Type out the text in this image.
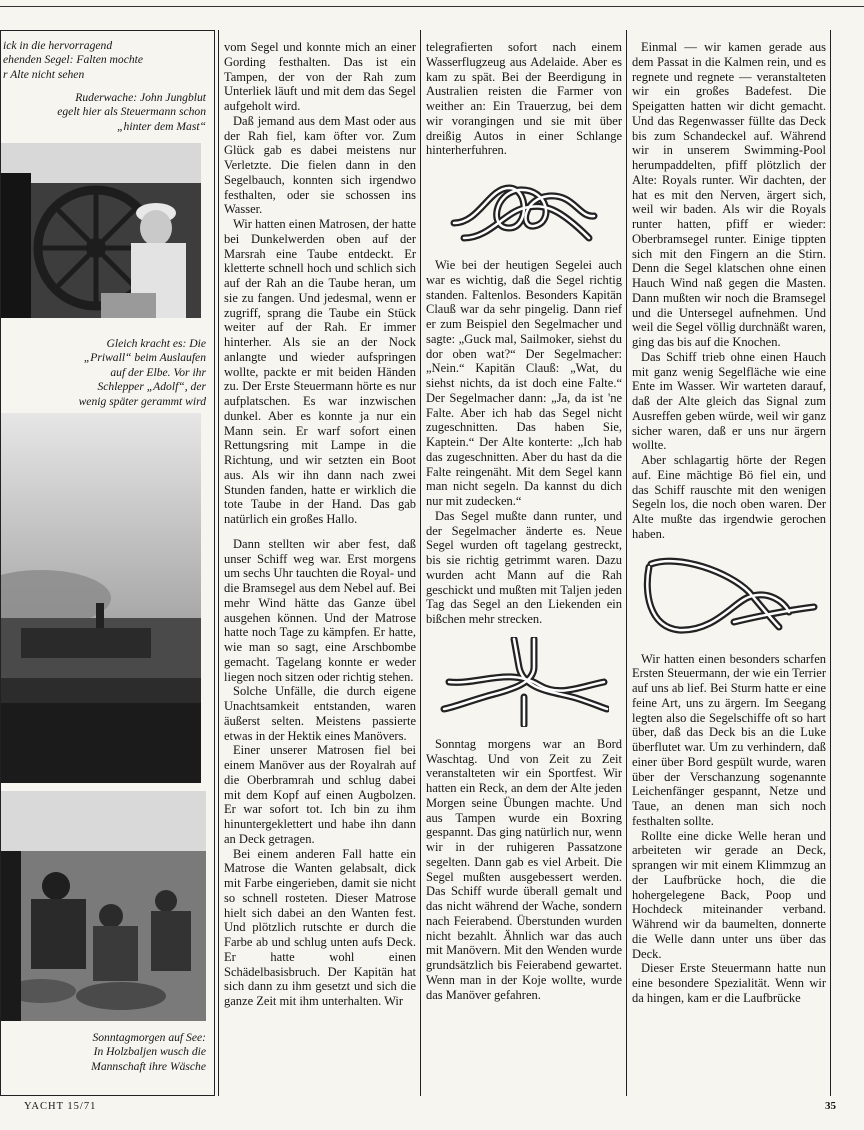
ick in die hervorragend
ehenden Segel: Falten mochte
r Alte nicht sehen
Ruderwache: John Jungblut
egelt hier als Steuermann schon
„hinter dem Mast“
Gleich kracht es: Die
„Priwall“ beim Auslaufen
auf der Elbe. Vor ihr
Schlepper „Adolf“, der
wenig später gerammt wird
Sonntagmorgen auf See:
In Holzbaljen wusch die
Mannschaft ihre Wäsche

vom Segel und konnte mich an einer Gording festhalten. Das ist ein Tampen, der von der Rah zum Unterliek läuft und mit dem das Segel aufgeholt wird.

Daß jemand aus dem Mast oder aus der Rah fiel, kam öfter vor. Zum Glück gab es dabei meistens nur Verletzte. Die fielen dann in den Segelbauch, konnten sich irgendwo festhalten, oder sie schossen ins Wasser.

Wir hatten einen Matrosen, der hatte bei Dunkelwerden oben auf der Marsrah eine Taube entdeckt. Er kletterte schnell hoch und schlich sich auf der Rah an die Taube heran, um sie zu fangen. Und jedesmal, wenn er zugriff, sprang die Taube ein Stück weiter auf der Rah. Er immer hinterher. Als sie an der Nock anlangte und wieder aufspringen wollte, packte er mit beiden Händen zu. Der Erste Steuermann hörte es nur aufplatschen. Es war inzwischen dunkel. Aber es konnte ja nur ein Mann sein. Er warf sofort einen Rettungsring mit Lampe in die Richtung, und wir setzten ein Boot aus. Als wir ihn dann nach zwei Stunden fanden, hatte er wirklich die tote Taube in der Hand. Das gab natürlich ein großes Hallo.

Dann stellten wir aber fest, daß unser Schiff weg war. Erst morgens um sechs Uhr tauchten die Royal- und die Bramsegel aus dem Nebel auf. Bei mehr Wind hätte das Ganze übel ausgehen können. Und der Matrose hatte noch Tage zu kämpfen. Er hatte, wie man so sagt, eine Arschbombe gemacht. Tagelang konnte er weder liegen noch sitzen oder richtig stehen.

Solche Unfälle, die durch eigene Unachtsamkeit entstanden, waren äußerst selten. Meistens passierte etwas in der Hektik eines Manövers.

Einer unserer Matrosen fiel bei einem Manöver aus der Royalrah auf die Oberbramrah und schlug dabei mit dem Kopf auf einen Augbolzen. Er war sofort tot. Ich bin zu ihm hinuntergeklettert und habe ihn dann an Deck getragen.

Bei einem anderen Fall hatte ein Matrose die Wanten gelabsalt, dick mit Farbe eingerieben, damit sie nicht so schnell rosteten. Dieser Matrose hielt sich dabei an den Wanten fest. Und plötzlich rutschte er durch die Farbe ab und schlug unten aufs Deck. Er hatte wohl einen Schädelbasisbruch. Der Kapitän hat sich dann zu ihm gesetzt und sich die ganze Zeit mit ihm unterhalten. Wir

telegrafierten sofort nach einem Wasserflugzeug aus Adelaide. Aber es kam zu spät. Bei der Beerdigung in Australien reisten die Farmer von weither an: Ein Trauerzug, bei dem wir vorangingen und sie mit über dreißig Autos in einer Schlange hinterherfuhren.

Wie bei der heutigen Segelei auch war es wichtig, daß die Segel richtig standen. Faltenlos. Besonders Kapitän Clauß war da sehr pingelig. Dann rief er zum Beispiel den Segelmacher und sagte: „Guck mal, Sailmoker, siehst du dor oben wat?“ Der Segelmacher: „Nein.“ Kapitän Clauß: „Wat, du siehst nichts, da ist doch eine Falte.“ Der Segelmacher dann: „Ja, da ist 'ne Falte. Aber ich hab das Segel nicht zugeschnitten. Das haben Sie, Kaptein.“ Der Alte konterte: „Ich hab das zugeschnitten. Aber du hast da die Falte reingenäht. Mit dem Segel kann man nicht segeln. Da kannst du dich nur mit zudecken.“

Das Segel mußte dann runter, und der Segelmacher änderte es. Neue Segel wurden oft tagelang gestreckt, bis sie richtig getrimmt waren. Dazu wurden acht Mann auf die Rah geschickt und mußten mit Taljen jeden Tag das Segel an den Liekenden ein bißchen mehr strecken.

Sonntag morgens war an Bord Waschtag. Und von Zeit zu Zeit veranstalteten wir ein Sportfest. Wir hatten ein Reck, an dem der Alte jeden Morgen seine Übungen machte. Und aus Tampen wurde ein Boxring gespannt. Das ging natürlich nur, wenn wir in der ruhigeren Passatzone segelten. Dann gab es viel Arbeit. Die Segel mußten ausgebessert werden. Das Schiff wurde überall gemalt und das nicht während der Wache, sondern nach Feierabend. Überstunden wurden nicht bezahlt. Ähnlich war das auch mit Manövern. Mit den Wenden wurde grundsätzlich bis Feierabend gewartet. Wenn man in der Koje wollte, wurde das Manöver gefahren.

Einmal — wir kamen gerade aus dem Passat in die Kalmen rein, und es regnete und regnete — veranstalteten wir ein großes Badefest. Die Speigatten hatten wir dicht gemacht. Und das Regenwasser füllte das Deck bis zum Schandeckel auf. Während wir in unserem Swimming-Pool herumpaddelten, pfiff plötzlich der Alte: Royals runter. Wir dachten, der hat es mit den Nerven, ärgert sich, weil wir baden. Als wir die Royals runter hatten, pfiff er wieder: Oberbramsegel runter. Einige tippten sich mit den Fingern an die Stirn. Denn die Segel klatschen ohne einen Hauch Wind naß gegen die Masten. Dann mußten wir noch die Bramsegel und die Untersegel aufnehmen. Und weil die Segel völlig durchnäßt waren, ging das bis auf die Knochen.

Das Schiff trieb ohne einen Hauch mit ganz wenig Segelfläche wie eine Ente im Wasser. Wir warteten darauf, daß der Alte gleich das Signal zum Ausreffen geben würde, weil wir ganz sicher waren, daß er uns nur ärgern wollte.

Aber schlagartig hörte der Regen auf. Eine mächtige Bö fiel ein, und das Schiff rauschte mit den wenigen Segeln los, die noch oben waren. Der Alte mußte das irgendwie gerochen haben.

Wir hatten einen besonders scharfen Ersten Steuermann, der wie ein Terrier auf uns ab lief. Bei Sturm hatte er eine feine Art, uns zu ärgern. Im Seegang legten also die Segelschiffe oft so hart über, daß das Deck bis an die Luke überflutet war. Um zu verhindern, daß einer über Bord gespült wurde, waren über der Verschanzung sogenannte Leichenfänger gespannt, Netze und Taue, an denen man sich noch festhalten sollte.

Rollte eine dicke Welle heran und arbeiteten wir gerade an Deck, sprangen wir mit einem Klimmzug an der Laufbrücke hoch, die die hohergelegene Back, Poop und Hochdeck miteinander verband. Während wir da baumelten, donnerte die Welle dann unter uns über das Deck.

Dieser Erste Steuermann hatte nun eine besondere Spezialität. Wenn wir da hingen, kam er die Laufbrücke

YACHT 15/71	35
